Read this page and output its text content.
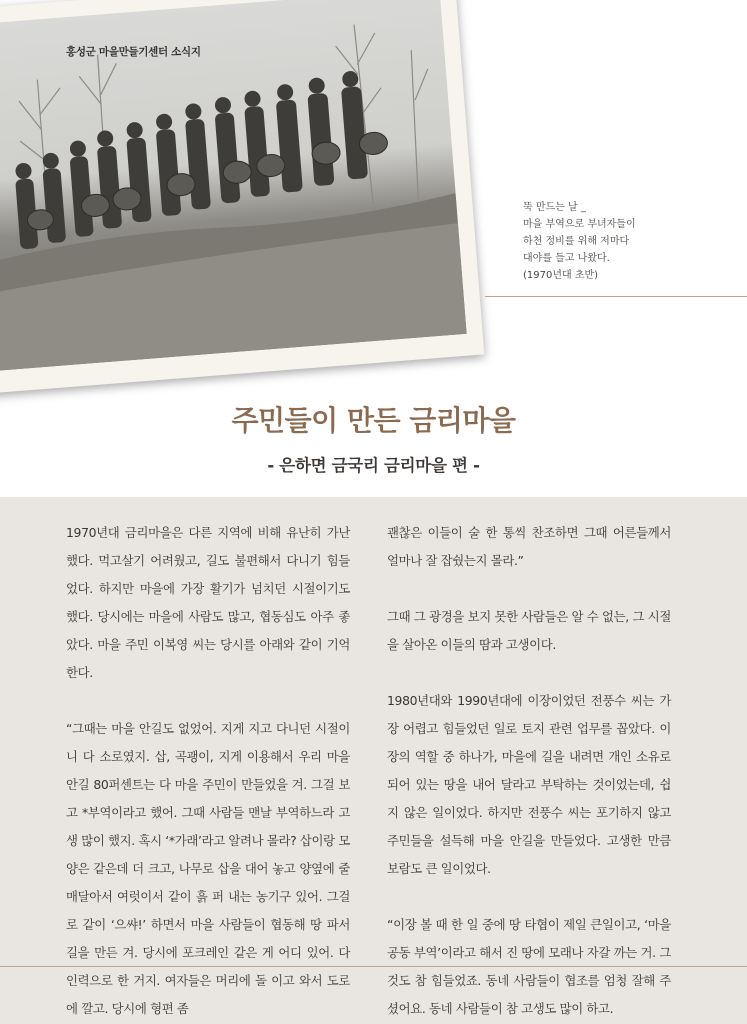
홍성군 마을만들기센터 소식지
뚝 만드는 날 _
마을 부역으로 부녀자들이
하천 정비를 위해 저마다
대야를 들고 나왔다.
(1970년대 초반)
주민들이 만든 금리마을
- 은하면 금국리 금리마을 편 -

1970년대 금리마을은 다른 지역에 비해 유난히 가난했다. 먹고살기 어려웠고, 길도 불편해서 다니기 힘들었다. 하지만 마을에 가장 활기가 넘치던 시절이기도 했다. 당시에는 마을에 사람도 많고, 협동심도 아주 좋았다. 마을 주민 이복영 씨는 당시를 아래와 같이 기억한다.

“그때는 마을 안길도 없었어. 지게 지고 다니던 시절이니 다 소로였지. 삽, 곡괭이, 지게 이용해서 우리 마을 안길 80퍼센트는 다 마을 주민이 만들었을 겨. 그걸 보고 *부역이라고 했어. 그때 사람들 맨날 부역하느라 고생 많이 했지. 혹시 ‘*가래’라고 알려나 몰라? 삽이랑 모양은 같은데 더 크고, 나무로 삽을 대어 놓고 양옆에 줄 매달아서 여럿이서 같이 흙 퍼 내는 농기구 있어. 그걸로 같이 ‘으쌰!’ 하면서 마을 사람들이 협동해 땅 파서 길을 만든 겨. 당시에 포크레인 같은 게 어디 있어. 다 인력으로 한 거지. 여자들은 머리에 돌 이고 와서 도로에 깔고. 당시에 형편 좀

괜찮은 이들이 술 한 통씩 찬조하면 그때 어른들께서 얼마나 잘 잡쉈는지 몰라.”

그때 그 광경을 보지 못한 사람들은 알 수 없는, 그 시절을 살아온 이들의 땀과 고생이다.

1980년대와 1990년대에 이장이었던 전풍수 씨는 가장 어렵고 힘들었던 일로 토지 관련 업무를 꼽았다. 이장의 역할 중 하나가, 마을에 길을 내려면 개인 소유로 되어 있는 땅을 내어 달라고 부탁하는 것이었는데, 쉽지 않은 일이었다. 하지만 전풍수 씨는 포기하지 않고 주민들을 설득해 마을 안길을 만들었다. 고생한 만큼 보람도 큰 일이었다.

“이장 볼 때 한 일 중에 땅 타협이 제일 큰일이고, ‘마을 공동 부역’이라고 해서 진 땅에 모래나 자갈 까는 거. 그것도 참 힘들었죠. 동네 사람들이 협조를 엄청 잘해 주셨어요. 동네 사람들이 참 고생도 많이 하고.
